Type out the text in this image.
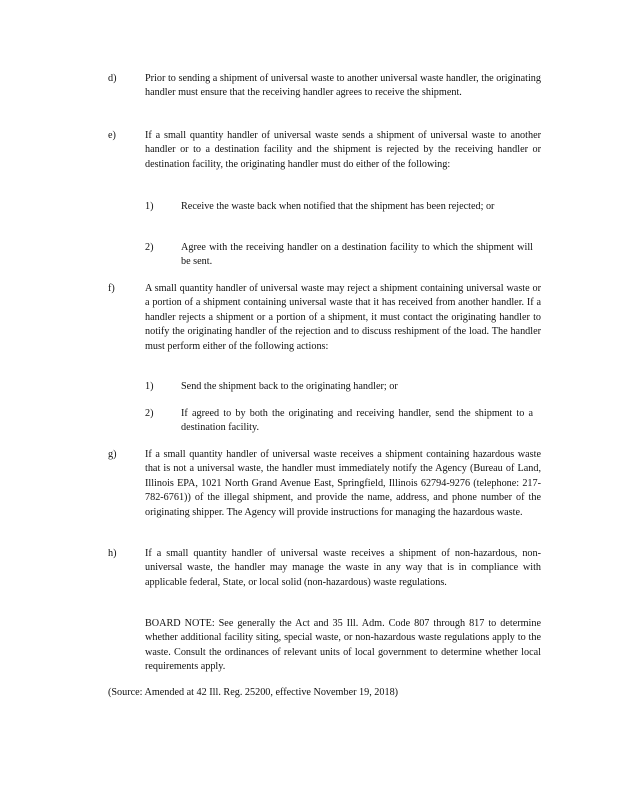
d)	Prior to sending a shipment of universal waste to another universal waste handler, the originating handler must ensure that the receiving handler agrees to receive the shipment.
e)	If a small quantity handler of universal waste sends a shipment of universal waste to another handler or to a destination facility and the shipment is rejected by the receiving handler or destination facility, the originating handler must do either of the following:
1)	Receive the waste back when notified that the shipment has been rejected; or
2)	Agree with the receiving handler on a destination facility to which the shipment will be sent.
f)	A small quantity handler of universal waste may reject a shipment containing universal waste or a portion of a shipment containing universal waste that it has received from another handler. If a handler rejects a shipment or a portion of a shipment, it must contact the originating handler to notify the originating handler of the rejection and to discuss reshipment of the load. The handler must perform either of the following actions:
1)	Send the shipment back to the originating handler; or
2)	If agreed to by both the originating and receiving handler, send the shipment to a destination facility.
g)	If a small quantity handler of universal waste receives a shipment containing hazardous waste that is not a universal waste, the handler must immediately notify the Agency (Bureau of Land, Illinois EPA, 1021 North Grand Avenue East, Springfield, Illinois 62794-9276 (telephone: 217-782-6761)) of the illegal shipment, and provide the name, address, and phone number of the originating shipper. The Agency will provide instructions for managing the hazardous waste.
h)	If a small quantity handler of universal waste receives a shipment of non-hazardous, non-universal waste, the handler may manage the waste in any way that is in compliance with applicable federal, State, or local solid (non-hazardous) waste regulations.
BOARD NOTE: See generally the Act and 35 Ill. Adm. Code 807 through 817 to determine whether additional facility siting, special waste, or non-hazardous waste regulations apply to the waste. Consult the ordinances of relevant units of local government to determine whether local requirements apply.
(Source: Amended at 42 Ill. Reg. 25200, effective November 19, 2018)
